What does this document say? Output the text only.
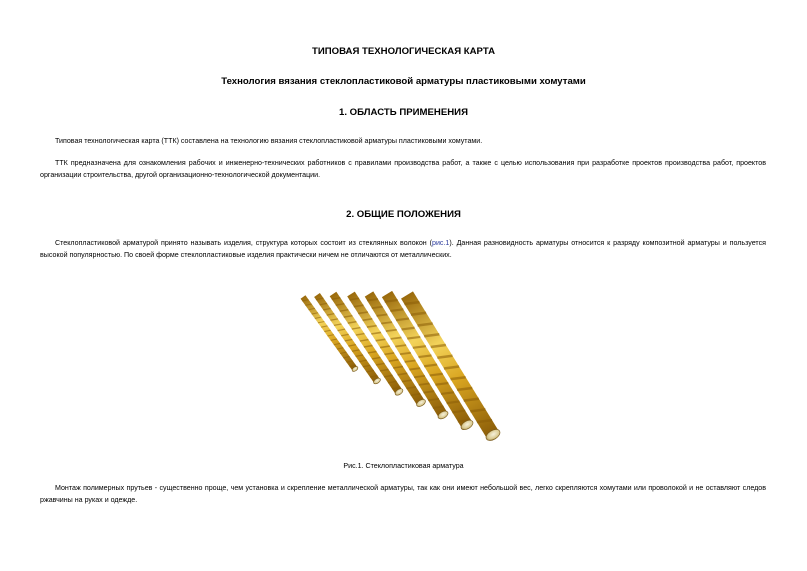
ТИПОВАЯ ТЕХНОЛОГИЧЕСКАЯ КАРТА
Технология вязания стеклопластиковой арматуры пластиковыми хомутами
1. ОБЛАСТЬ ПРИМЕНЕНИЯ

Типовая технологическая карта (ТТК) составлена на технологию вязания стеклопластиковой арматуры пластиковыми хомутами.

ТТК предназначена для ознакомления рабочих и инженерно-технических работников с правилами производства работ, а также с целью использования при разработке проектов производства работ, проектов организации строительства, другой организационно-технологической документации.

2. ОБЩИЕ ПОЛОЖЕНИЯ

Стеклопластиковой арматурой принято называть изделия, структура которых состоит из стеклянных волокон (рис.1). Данная разновидность арматуры относится к разряду композитной арматуры и пользуется высокой популярностью. По своей форме стеклопластиковые изделия практически ничем не отличаются от металлических.

Рис.1. Стеклопластиковая арматура

Монтаж полимерных прутьев - существенно проще, чем установка и скрепление металлической арматуры, так как они имеют небольшой вес, легко скрепляются хомутами или проволокой и не оставляют следов ржавчины на руках и одежде.
